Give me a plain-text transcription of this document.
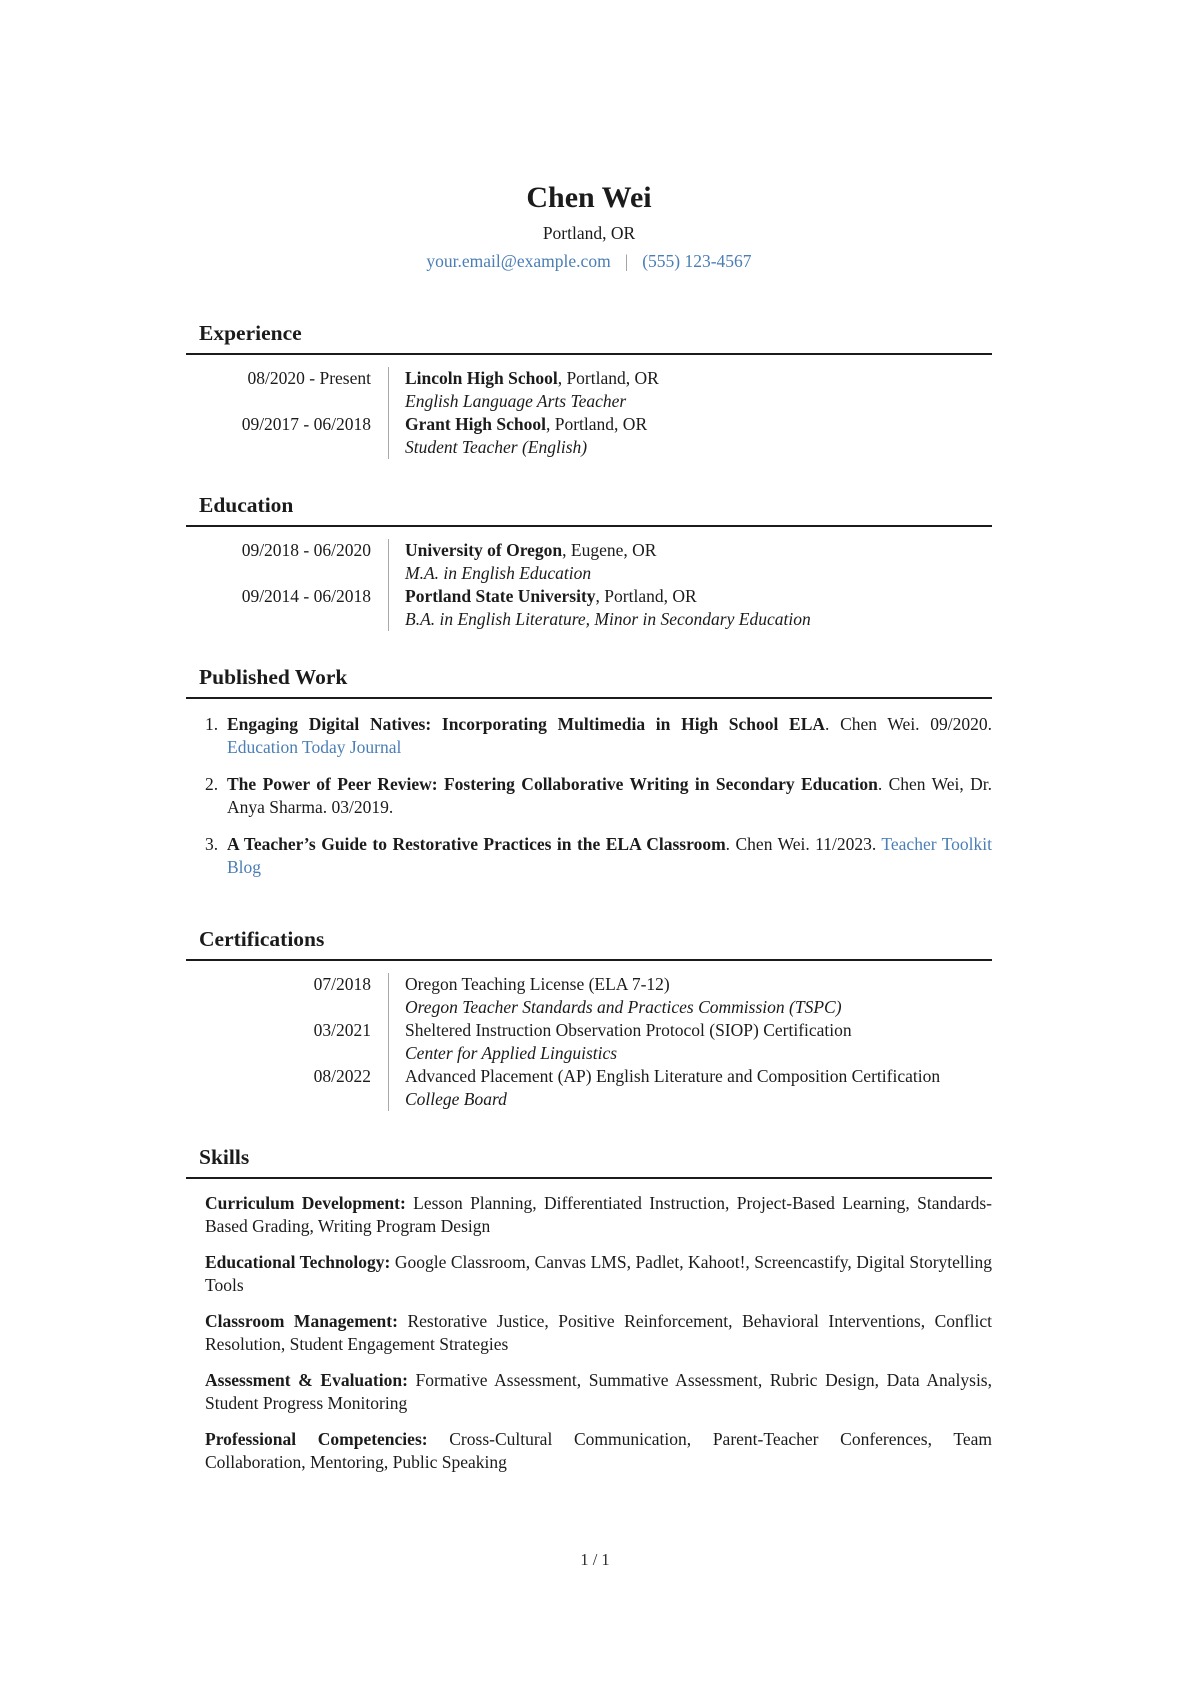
Chen Wei
Portland, OR
your.email@example.com | (555) 123-4567
Experience
08/2020 - Present	Lincoln High School, Portland, OR
English Language Arts Teacher
09/2017 - 06/2018	Grant High School, Portland, OR
Student Teacher (English)
Education
09/2018 - 06/2020	University of Oregon, Eugene, OR
M.A. in English Education
09/2014 - 06/2018	Portland State University, Portland, OR
B.A. in English Literature, Minor in Secondary Education
Published Work
1. Engaging Digital Natives: Incorporating Multimedia in High School ELA. Chen Wei. 09/2020. Education Today Journal
2. The Power of Peer Review: Fostering Collaborative Writing in Secondary Education. Chen Wei, Dr. Anya Sharma. 03/2019.
3. A Teacher’s Guide to Restorative Practices in the ELA Classroom. Chen Wei. 11/2023. Teacher Toolkit Blog
Certifications
07/2018	Oregon Teaching License (ELA 7-12)
Oregon Teacher Standards and Practices Commission (TSPC)
03/2021	Sheltered Instruction Observation Protocol (SIOP) Certification
Center for Applied Linguistics
08/2022	Advanced Placement (AP) English Literature and Composition Certification
College Board
Skills

Curriculum Development: Lesson Planning, Differentiated Instruction, Project-Based Learning, Standards-Based Grading, Writing Program Design

Educational Technology: Google Classroom, Canvas LMS, Padlet, Kahoot!, Screencastify, Digital Storytelling Tools

Classroom Management: Restorative Justice, Positive Reinforcement, Behavioral Interventions, Conflict Resolution, Student Engagement Strategies

Assessment & Evaluation: Formative Assessment, Summative Assessment, Rubric Design, Data Analysis, Student Progress Monitoring

Professional Competencies: Cross-Cultural Communication, Parent-Teacher Conferences, Team Collaboration, Mentoring, Public Speaking

1 / 1
